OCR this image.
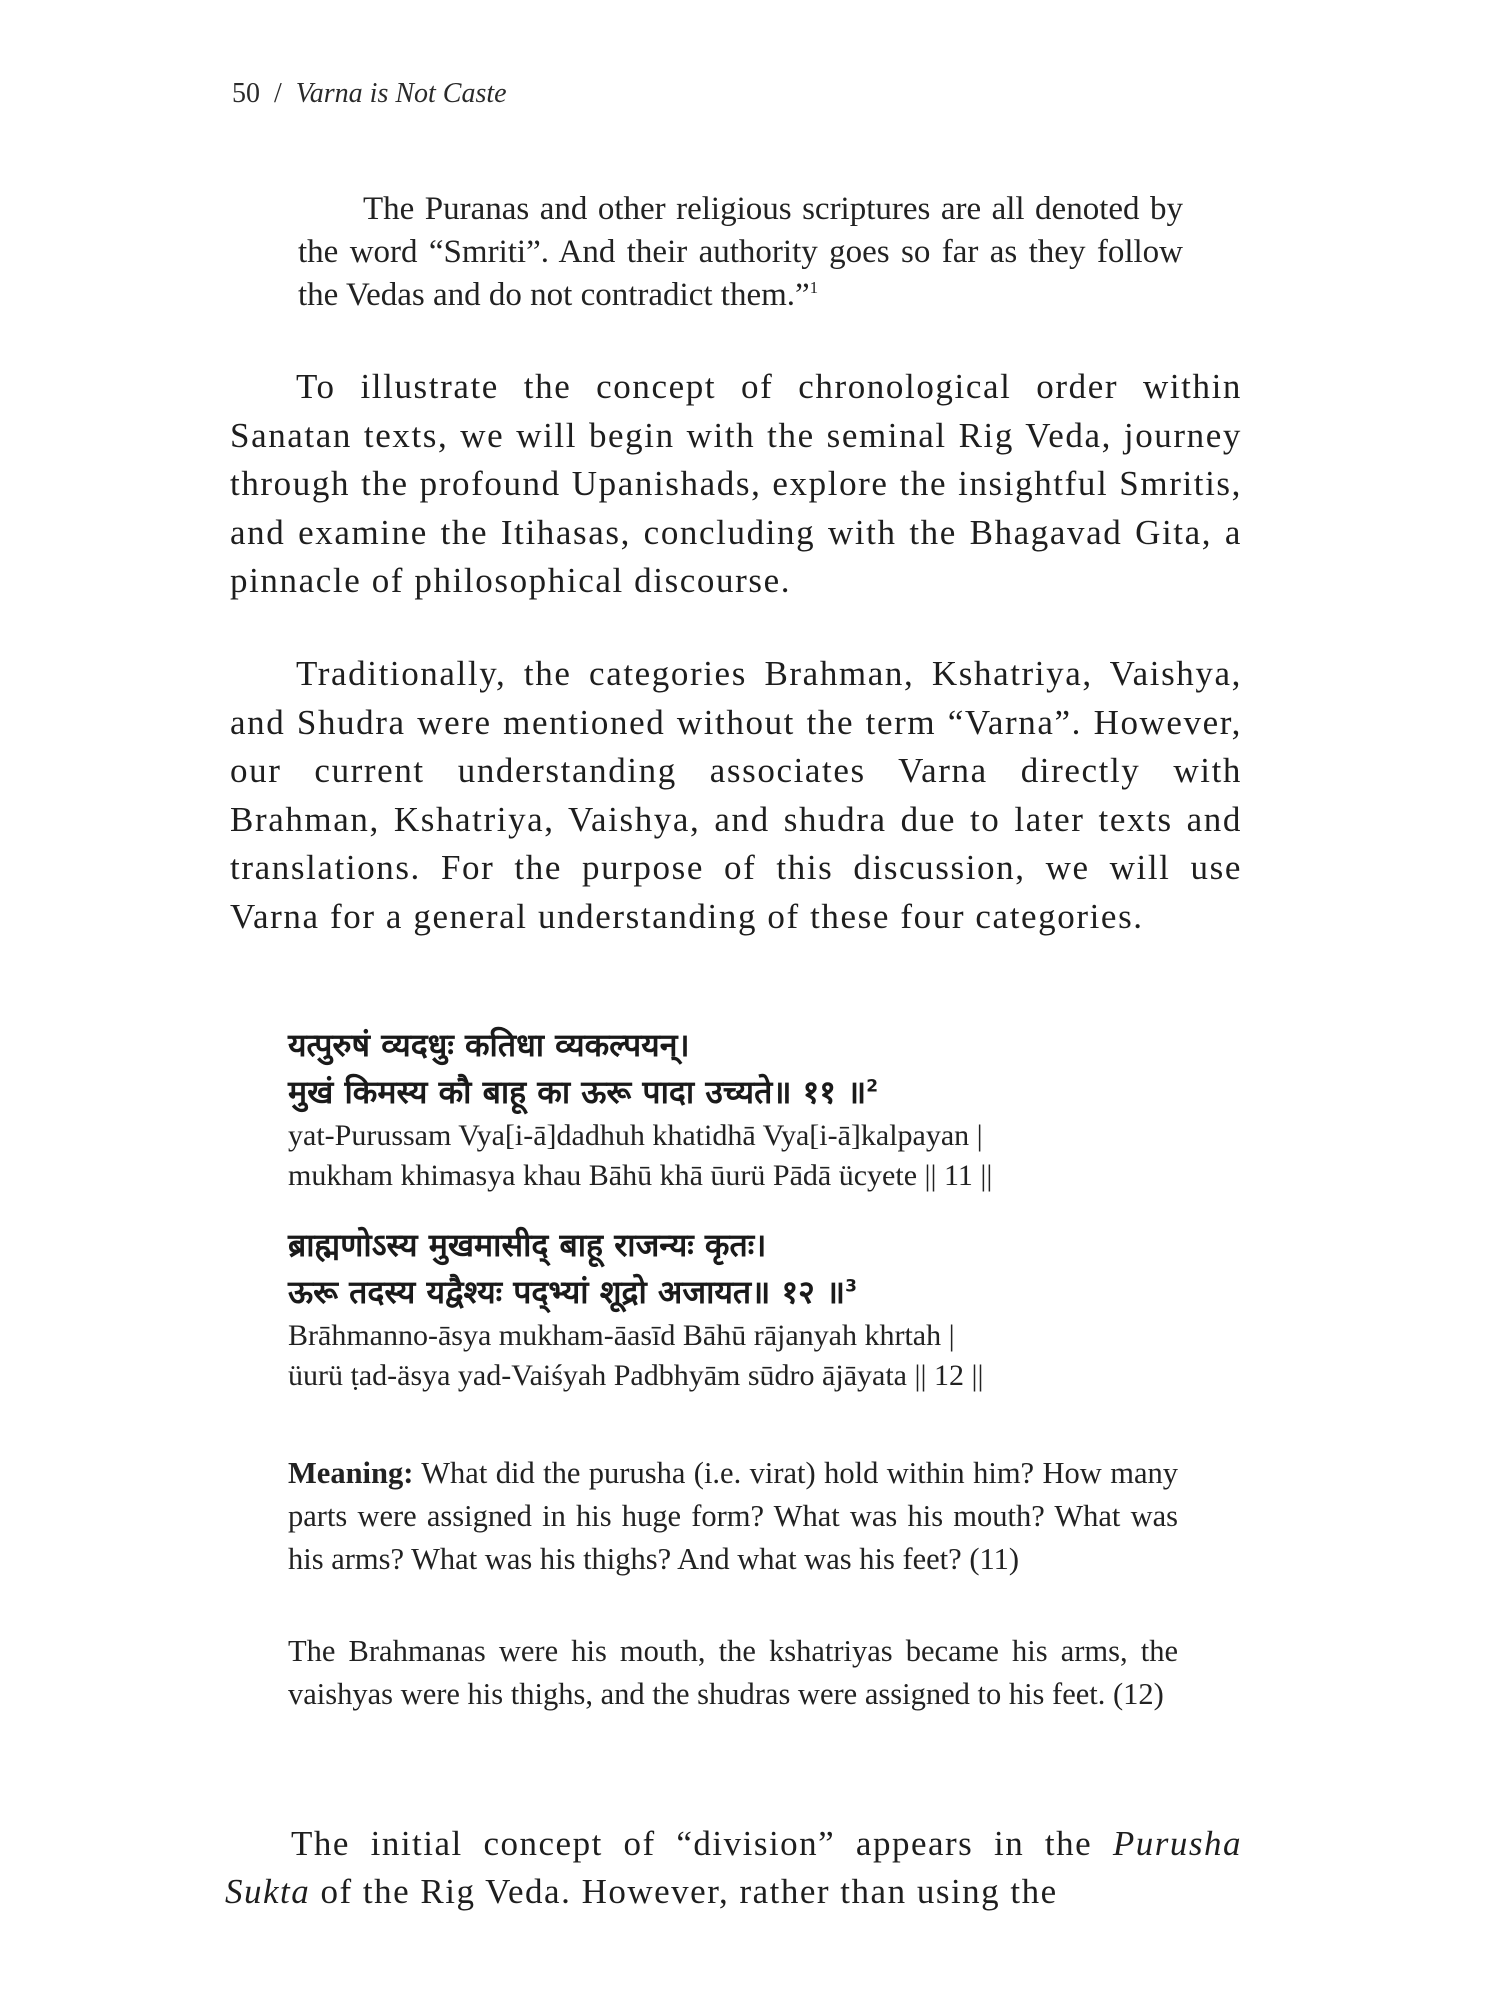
50 / Varna is Not Caste
The Puranas and other religious scriptures are all denoted by the word “Smriti”. And their authority goes so far as they follow the Vedas and do not contradict them.”$^1$
To illustrate the concept of chronological order within Sanatan texts, we will begin with the seminal Rig Veda, journey through the profound Upanishads, explore the insightful Smritis, and examine the Itihasas, concluding with the Bhagavad Gita, a pinnacle of philosophical discourse.
Traditionally, the categories Brahman, Kshatriya, Vaishya, and Shudra were mentioned without the term “Varna”. However, our current understanding associates Varna directly with Brahman, Kshatriya, Vaishya, and shudra due to later texts and translations. For the purpose of this discussion, we will use Varna for a general understanding of these four categories.
यत्पुरुषं व्यदधुः कतिधा व्यकल्पयन्।
मुखं किमस्य कौ बाहू का ऊरू पादा उच्यते॥ ११ ॥$^2$
yat-Purussam Vya[i-ā]dadhuh khatidhā Vya[i-ā]kalpayan |
mukham khimasya khau Bāhū khā ūurü Pādā ücyete || 11 ||
ब्राह्मणोऽस्य मुखमासीद् बाहू राजन्यः कृतः।
ऊरू तदस्य यद्वैश्यः पद्भ्यां शूद्रो अजायत॥ १२ ॥$^3$
Brāhmanno-āsya mukham-āasīd Bāhū rājanyah khrtah |
üurü ṭad-äsya yad-Vaiśyah Padbhyām sūdro ājāyata || 12 ||
Meaning: What did the purusha (i.e. virat) hold within him? How many parts were assigned in his huge form? What was his mouth? What was his arms? What was his thighs? And what was his feet? (11)
The Brahmanas were his mouth, the kshatriyas became his arms, the vaishyas were his thighs, and the shudras were assigned to his feet. (12)
The initial concept of “division” appears in the Purusha Sukta of the Rig Veda. However, rather than using the
